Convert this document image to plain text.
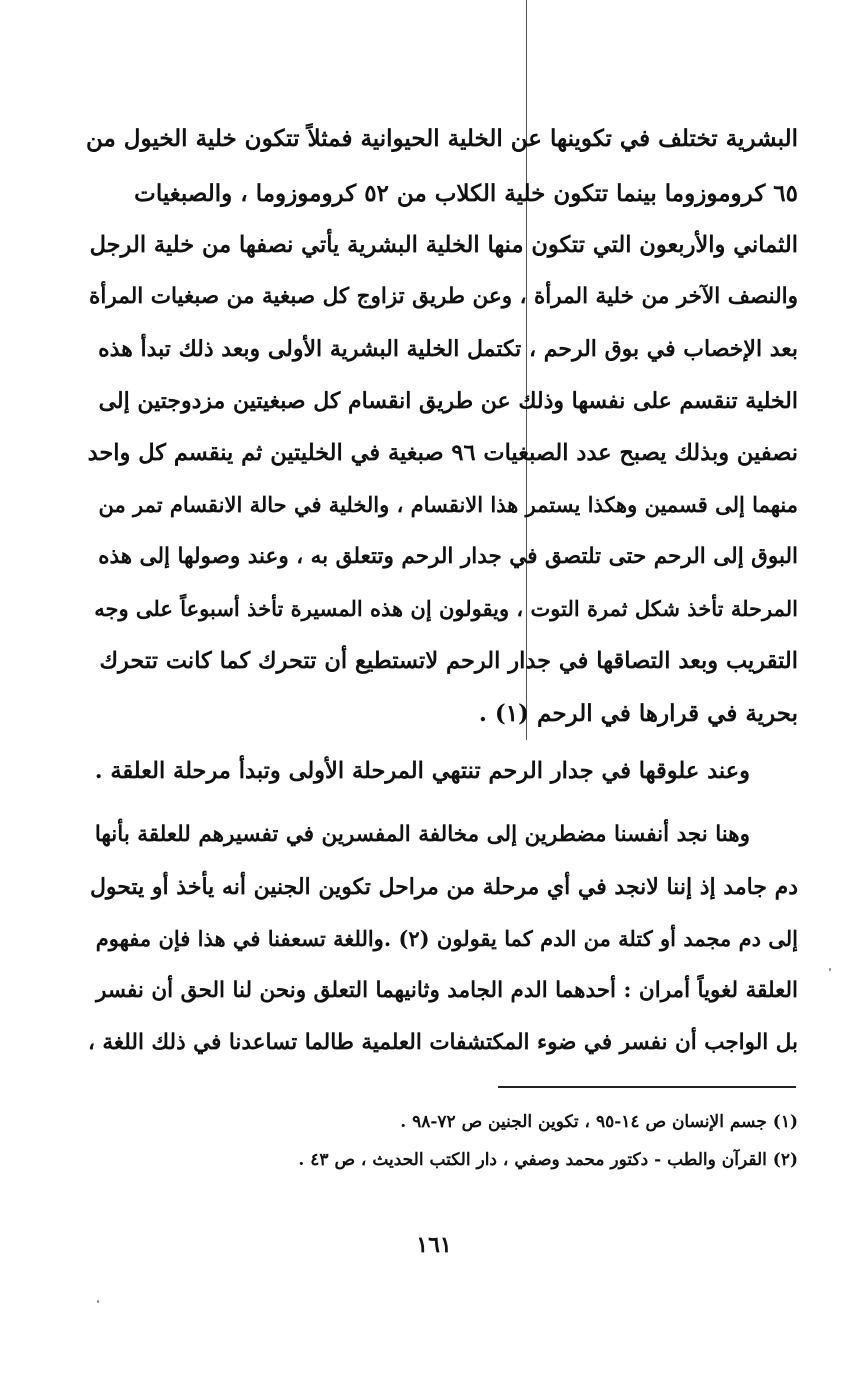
البشرية تختلف في تكوينها عن الخلية الحيوانية فمثلاً تتكون خلية الخيول من
٦٥ كروموزوما بينما تتكون خلية الكلاب من ٥٢ كروموزوما ، والصبغيات
الثماني والأربعون التي تتكون منها الخلية البشرية يأتي نصفها من خلية الرجل
والنصف الآخر من خلية المرأة ، وعن طريق تزاوج كل صبغية من صبغيات المرأة
بعد الإخصاب في بوق الرحم ، تكتمل الخلية البشرية الأولى وبعد ذلك تبدأ هذه
الخلية تنقسم على نفسها وذلك عن طريق انقسام كل صبغيتين مزدوجتين إلى
نصفين وبذلك يصبح عدد الصبغيات ٩٦ صبغية في الخليتين ثم ينقسم كل واحد
منهما إلى قسمين وهكذا يستمر هذا الانقسام ، والخلية في حالة الانقسام تمر من
البوق إلى الرحم حتى تلتصق في جدار الرحم وتتعلق به ، وعند وصولها إلى هذه
المرحلة تأخذ شكل ثمرة التوت ، ويقولون إن هذه المسيرة تأخذ أسبوعاً على وجه
التقريب وبعد التصاقها في جدار الرحم لاتستطيع أن تتحرك كما كانت تتحرك
بحرية في قرارها في الرحم (١) .
وعند علوقها في جدار الرحم تنتهي المرحلة الأولى وتبدأ مرحلة العلقة .
وهنا نجد أنفسنا مضطرين إلى مخالفة المفسرين في تفسيرهم للعلقة بأنها
دم جامد إذ إننا لانجد في أي مرحلة من مراحل تكوين الجنين أنه يأخذ أو يتحول
إلى دم مجمد أو كتلة من الدم كما يقولون (٢) .واللغة تسعفنا في هذا فإن مفهوم
العلقة لغوياً أمران : أحدهما الدم الجامد وثانيهما التعلق ونحن لنا الحق أن نفسر
بل الواجب أن نفسر في ضوء المكتشفات العلمية طالما تساعدنا في ذلك اللغة ،
(١) جسم الإنسان ص ١٤-٩٥ ، تكوين الجنين ص ٧٢-٩٨ .
(٢) القرآن والطب - دكتور محمد وصفي ، دار الكتب الحديث ، ص ٤٣ .
١٦١
